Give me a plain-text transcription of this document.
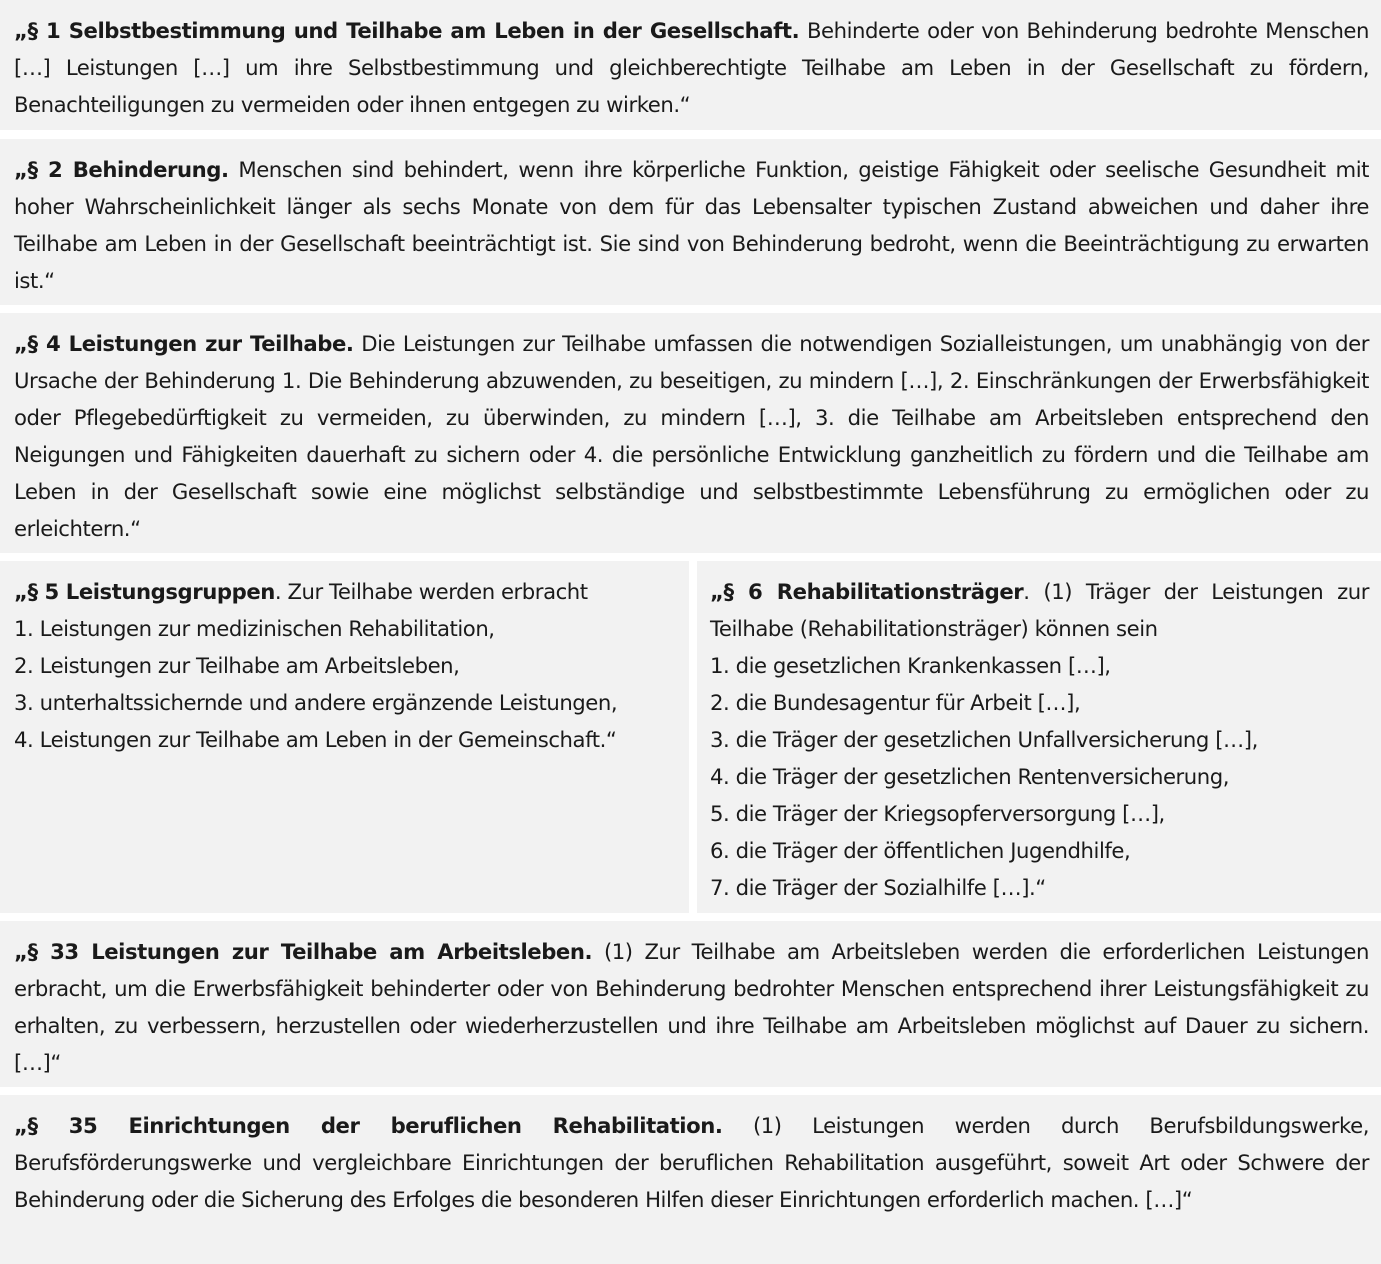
„§ 1 Selbstbestimmung und Teilhabe am Leben in der Gesellschaft. Behinderte oder von Behinderung bedrohte Menschen […] Leistungen […] um ihre Selbstbestimmung und gleichberechtigte Teilhabe am Leben in der Gesellschaft zu fördern, Benachteiligungen zu vermeiden oder ihnen entgegen zu wirken.“

„§ 2 Behinderung. Menschen sind behindert, wenn ihre körperliche Funktion, geistige Fähigkeit oder seelische Gesundheit mit hoher Wahrscheinlichkeit länger als sechs Monate von dem für das Lebensalter typischen Zustand abweichen und daher ihre Teilhabe am Leben in der Gesellschaft beeinträchtigt ist. Sie sind von Behinderung bedroht, wenn die Beeinträchtigung zu erwarten ist.“

„§ 4 Leistungen zur Teilhabe. Die Leistungen zur Teilhabe umfassen die notwendigen Sozialleistungen, um unabhängig von der Ursache der Behinderung 1. Die Behinderung abzuwenden, zu beseitigen, zu mindern […], 2. Einschränkungen der Erwerbsfähigkeit oder Pflegebedürftigkeit zu vermeiden, zu überwinden, zu mindern […], 3. die Teilhabe am Arbeitsleben entsprechend den Neigungen und Fähigkeiten dauerhaft zu sichern oder 4. die persönliche Entwicklung ganzheitlich zu fördern und die Teilhabe am Leben in der Gesellschaft sowie eine möglichst selbständige und selbstbestimmte Lebensführung zu ermöglichen oder zu erleichtern.“

„§ 5 Leistungsgruppen. Zur Teilhabe werden erbracht

1. Leistungen zur medizinischen Rehabilitation,
2. Leistungen zur Teilhabe am Arbeitsleben,
3. unterhaltssichernde und andere ergänzende Leistungen,
4. Leistungen zur Teilhabe am Leben in der Gemeinschaft.“

„§ 6 Rehabilitationsträger. (1) Träger der Leistungen zur Teilhabe (Rehabilitationsträger) können sein

1. die gesetzlichen Krankenkassen […],
2. die Bundesagentur für Arbeit […],
3. die Träger der gesetzlichen Unfallversicherung […],
4. die Träger der gesetzlichen Rentenversicherung,
5. die Träger der Kriegsopferversorgung […],
6. die Träger der öffentlichen Jugendhilfe,
7. die Träger der Sozialhilfe […].“

„§ 33 Leistungen zur Teilhabe am Arbeitsleben. (1) Zur Teilhabe am Arbeitsleben werden die erforderlichen Leistungen erbracht, um die Erwerbsfähigkeit behinderter oder von Behinderung bedrohter Menschen entsprechend ihrer Leistungsfähigkeit zu erhalten, zu verbessern, herzustellen oder wiederherzustellen und ihre Teilhabe am Arbeitsleben möglichst auf Dauer zu sichern. […]“

„§ 35 Einrichtungen der beruflichen Rehabilitation. (1) Leistungen werden durch Berufsbildungswerke, Berufsförderungswerke und vergleichbare Einrichtungen der beruflichen Rehabilitation ausgeführt, soweit Art oder Schwere der Behinderung oder die Sicherung des Erfolges die besonderen Hilfen dieser Einrichtungen erforderlich machen. […]“
